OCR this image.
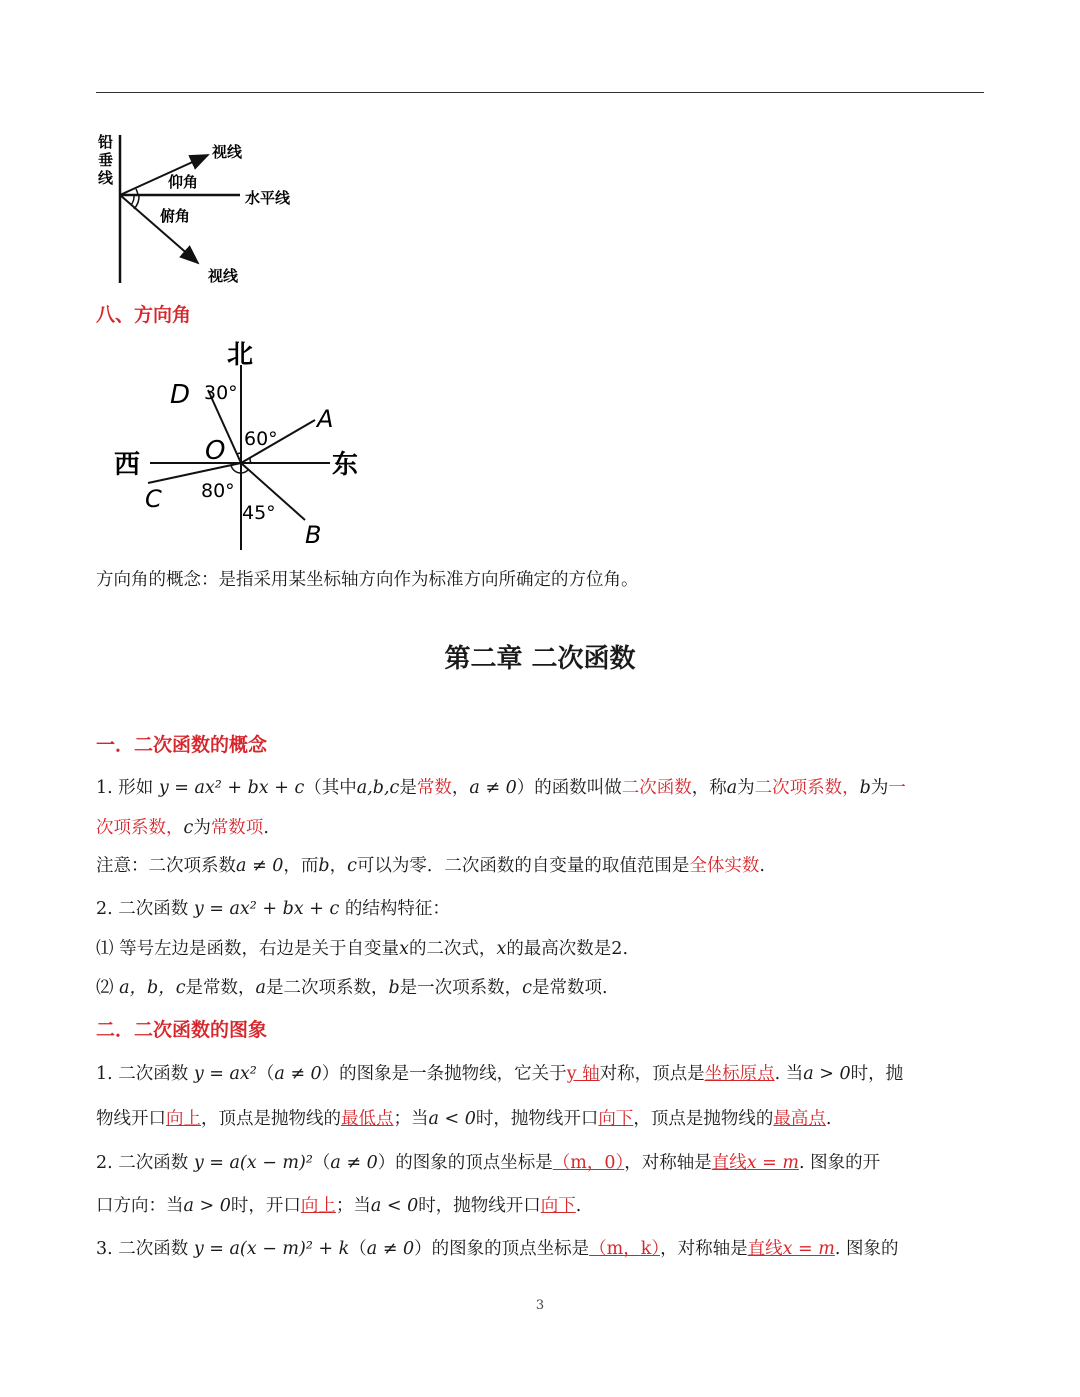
铅
垂
线
视线
仰角
水平线
俯角
视线
八、方向角
北
西	东
D
A
C
B
O
30°
60°
80°
45°
方向角的概念：是指采用某坐标轴方向作为标准方向所确定的方位角。
第二章 二次函数
一．二次函数的概念
1. 形如 y = ax² + bx + c（其中a,b,c是常数，a ≠ 0）的函数叫做二次函数，称a为二次项系数，b为一
次项系数，c为常数项.
注意：二次项系数a ≠ 0，而b，c可以为零．二次函数的自变量的取值范围是全体实数.
2. 二次函数 y = ax² + bx + c 的结构特征：
⑴ 等号左边是函数，右边是关于自变量x的二次式，x的最高次数是2.
⑵ a，b，c是常数，a是二次项系数，b是一次项系数，c是常数项.
二．二次函数的图象
1. 二次函数 y = ax²（a ≠ 0）的图象是一条抛物线，它关于y 轴对称，顶点是坐标原点. 当a > 0时，抛
物线开口向上，顶点是抛物线的最低点；当a < 0时，抛物线开口向下，顶点是抛物线的最高点.
2. 二次函数 y = a(x − m)²（a ≠ 0）的图象的顶点坐标是（m，0），对称轴是直线x = m. 图象的开
口方向：当a > 0时，开口向上；当a < 0时，抛物线开口向下.
3. 二次函数 y = a(x − m)² + k（a ≠ 0）的图象的顶点坐标是（m，k），对称轴是直线x = m. 图象的
3
